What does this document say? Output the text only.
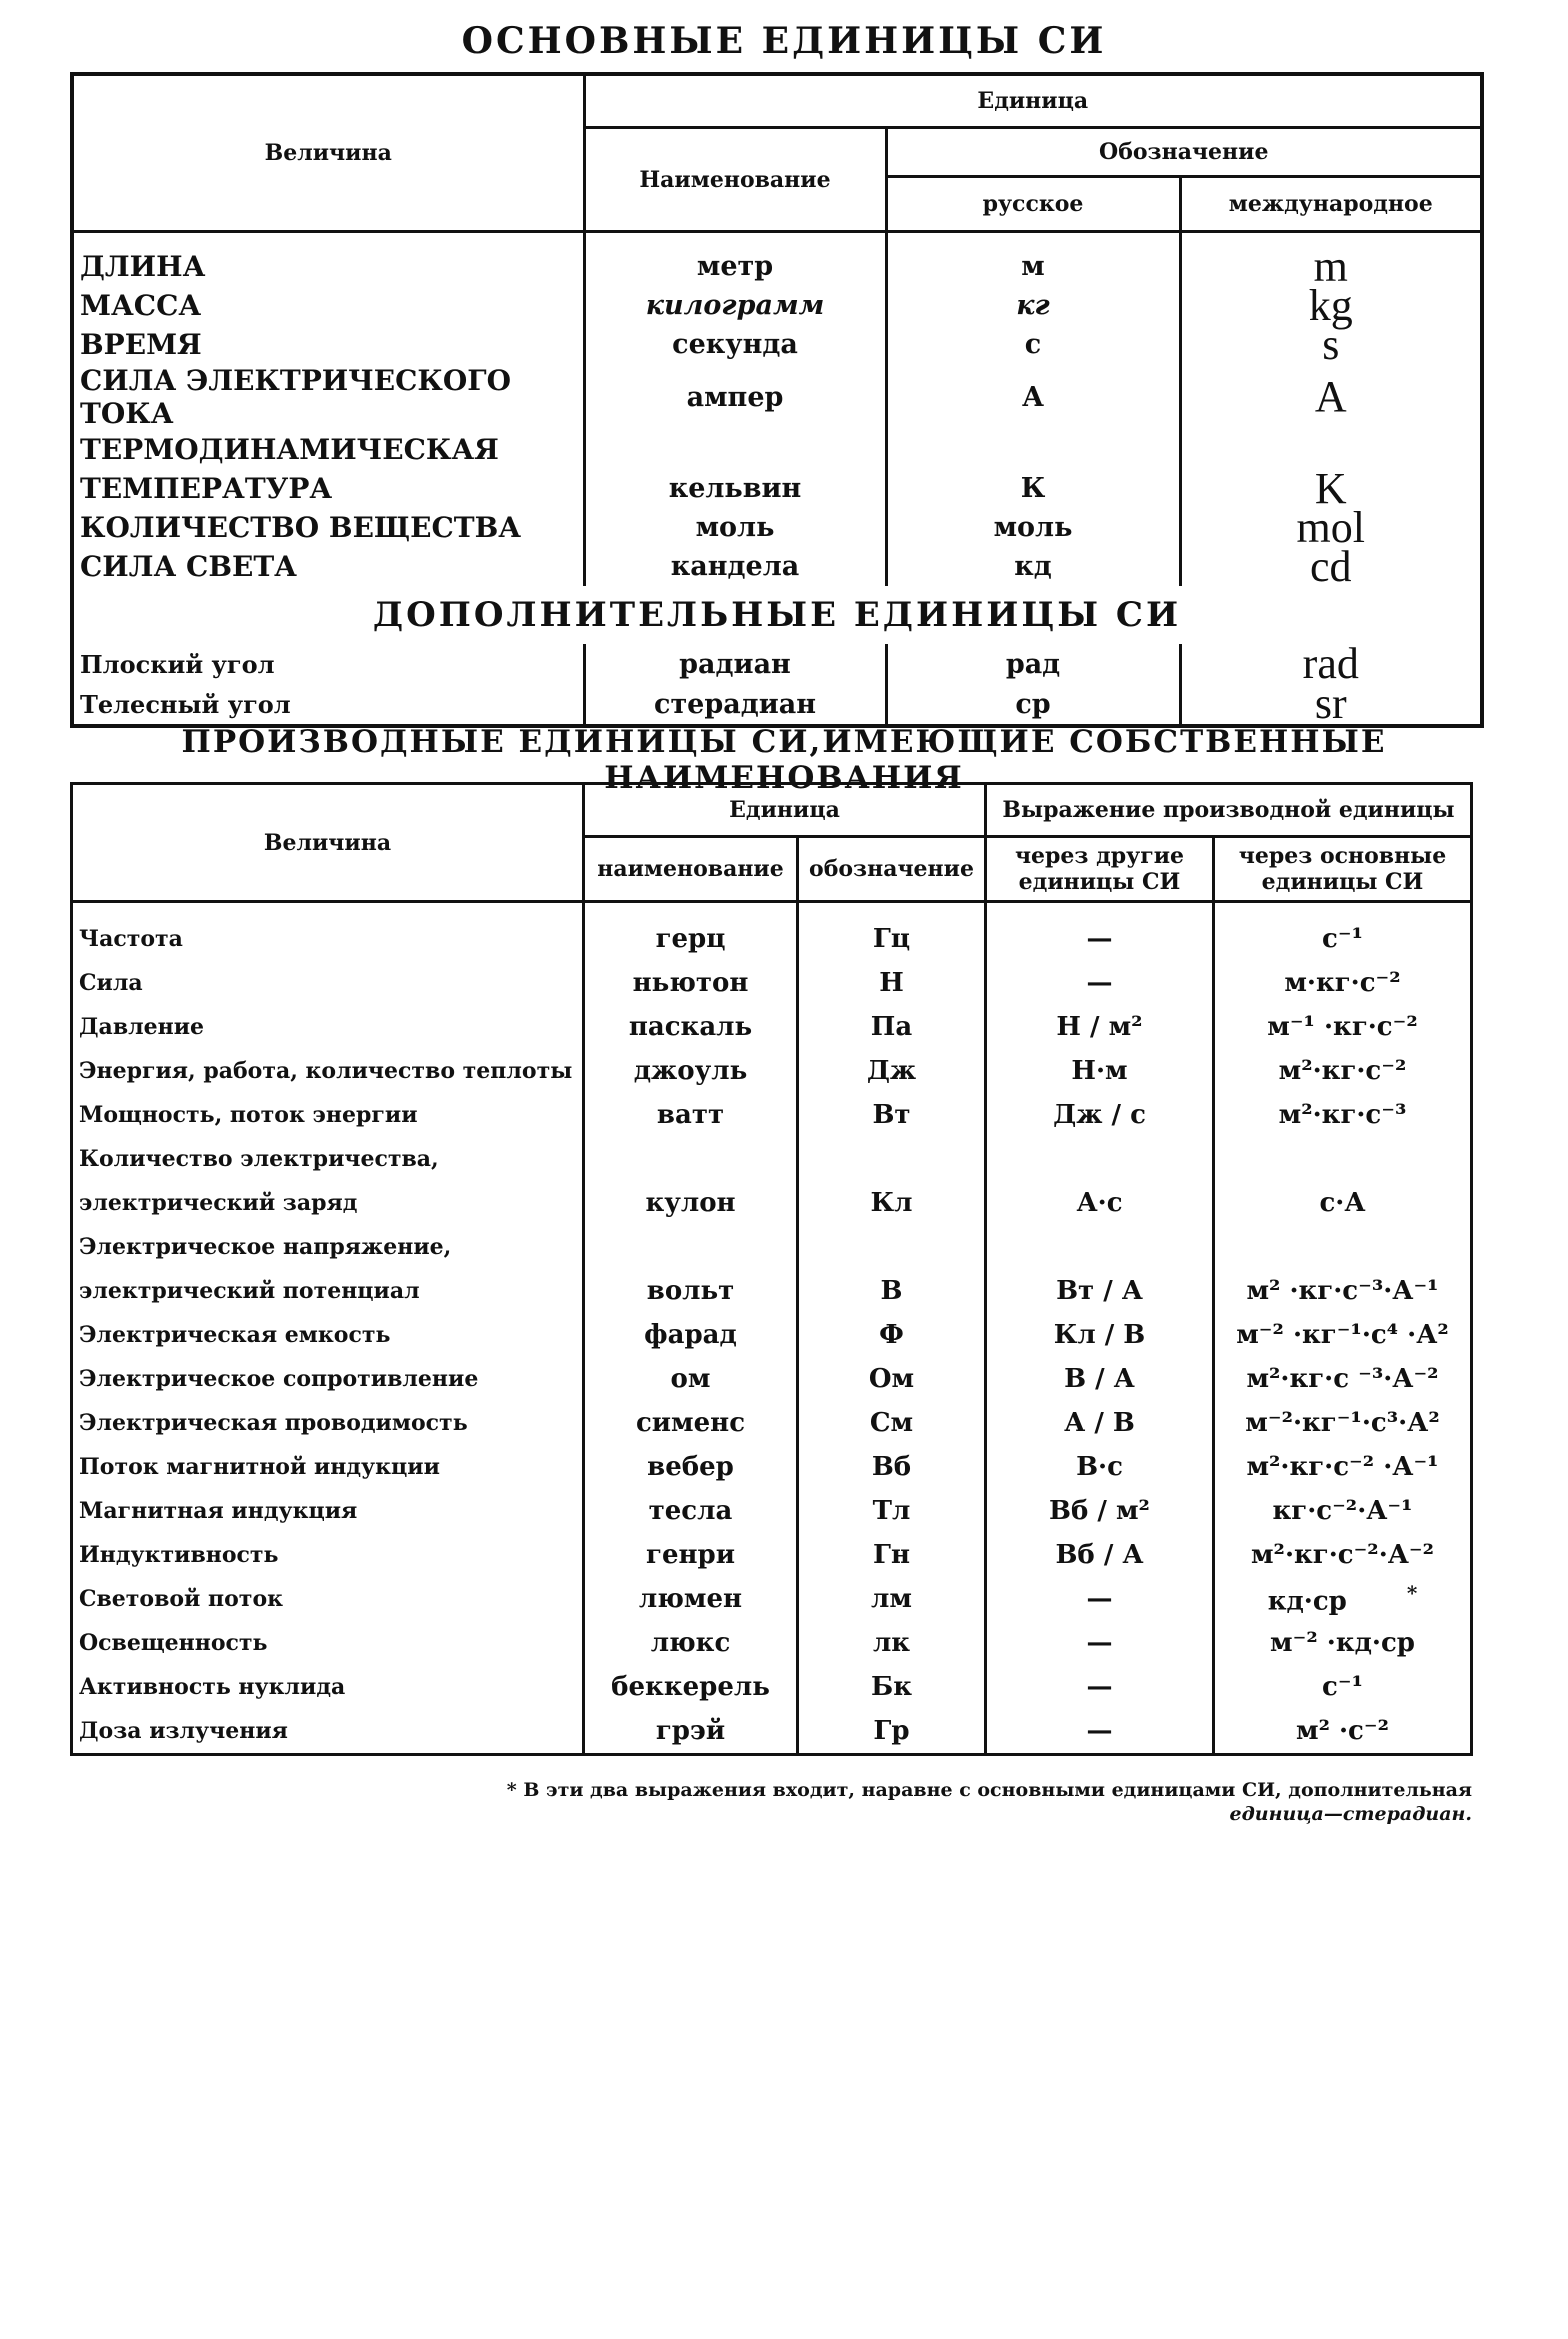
ОСНОВНЫЕ ЕДИНИЦЫ СИ
Величина	Единица		
	Наименование	Обозначение	
		русское	международное

ДЛИНА	метр	м	m
МАССА	килограмм	кг	kg
ВРЕМЯ	секунда	с	s
СИЛА ЭЛЕКТРИЧЕСКОГО ТОКА	ампер	А	A
ТЕРМОДИНАМИЧЕСКАЯ			
ТЕМПЕРАТУРА	кельвин	К	K
КОЛИЧЕСТВО ВЕЩЕСТВА	моль	моль	mol
СИЛА СВЕТА	кандела	кд	cd
ДОПОЛНИТЕЛЬНЫЕ ЕДИНИЦЫ СИ			
Плоский угол	радиан	рад	rad
Телесный угол	стерадиан	ср	sr
ПРОИЗВОДНЫЕ ЕДИНИЦЫ СИ,ИМЕЮЩИЕ СОБСТВЕННЫЕ НАИМЕНОВАНИЯ
Величина	Единица		Выражение производной единицы	
	наименование	обозначение	через другие единицы СИ	через основные единицы СИ

Частота	герц	Гц	—	с⁻¹
Сила	ньютон	Н	—	м·кг·с⁻²
Давление	паскаль	Па	Н / м²	м⁻¹ ·кг·с⁻²
Энергия, работа, количество теплоты	джоуль	Дж	Н·м	м²·кг·с⁻²
Мощность, поток энергии	ватт	Вт	Дж / с	м²·кг·с⁻³
Количество электричества,				
электрический заряд	кулон	Кл	А·с	с·А
Электрическое напряжение,				
электрический потенциал	вольт	В	Вт / А	м² ·кг·с⁻³·А⁻¹
Электрическая емкость	фарад	Ф	Кл / В	м⁻² ·кг⁻¹·с⁴ ·А²
Электрическое сопротивление	ом	Ом	В / А	м²·кг·с ⁻³·А⁻²
Электрическая проводимость	сименс	См	А / В	м⁻²·кг⁻¹·с³·А²
Поток магнитной индукции	вебер	Вб	В·с	м²·кг·с⁻² ·А⁻¹
Магнитная индукция	тесла	Тл	Вб / м²	кг·с⁻²·А⁻¹
Индуктивность	генри	Гн	Вб / А	м²·кг·с⁻²·А⁻²
Световой поток	люмен	лм	—	кд·ср *
Освещенность	люкс	лк	—	м⁻² ·кд·ср
Активность нуклида	беккерель	Бк	—	с⁻¹
Доза излучения	грэй	Гр	—	м² ·с⁻²
* В эти два выражения входит, наравне с основными единицами СИ, дополнительная
единица—стерадиан.
